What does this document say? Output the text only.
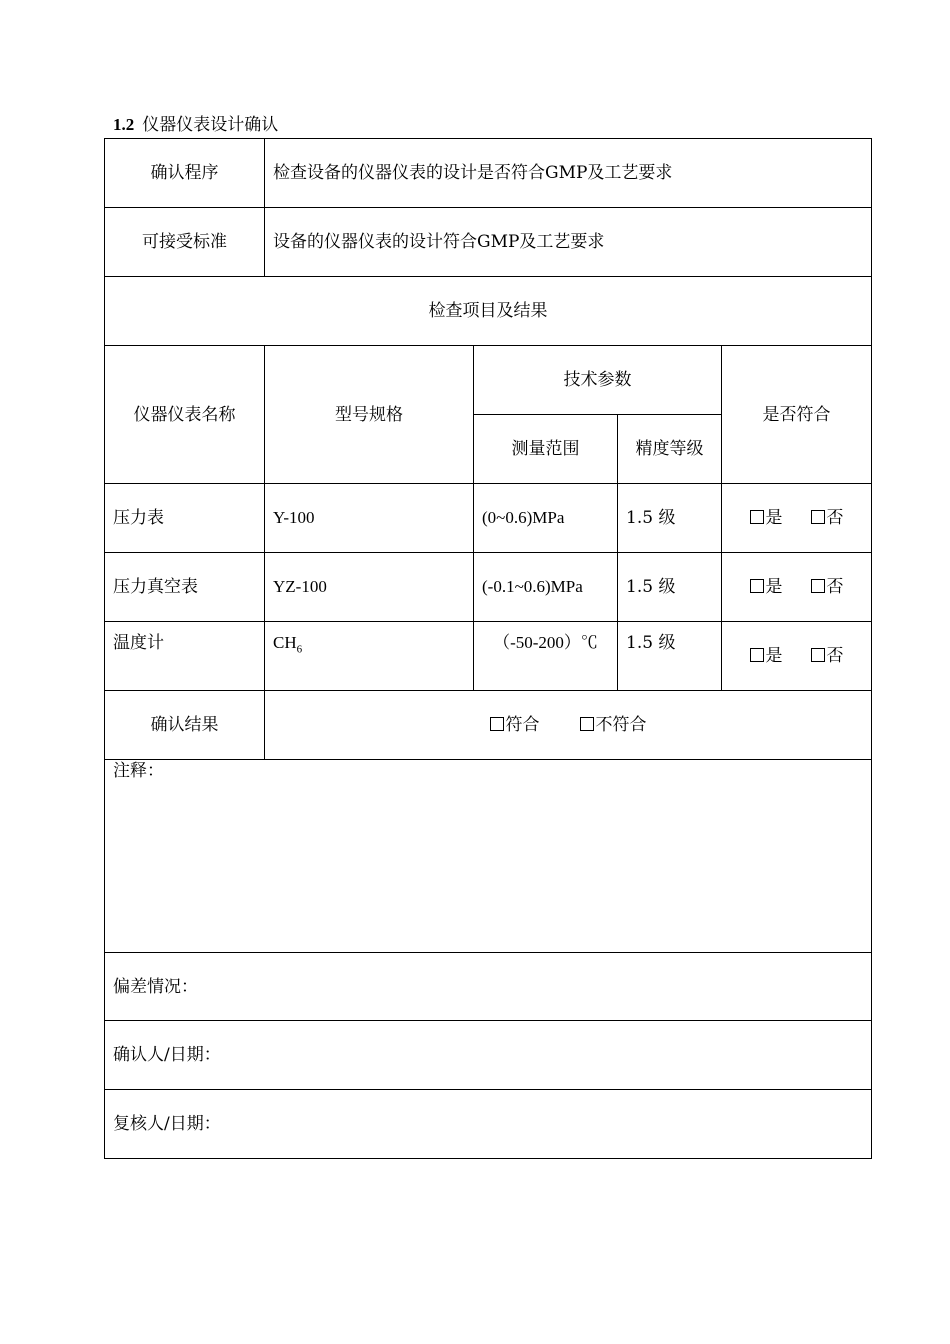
1.2 仪器仪表设计确认
确认程序	检查设备的仪器仪表的设计是否符合GMP及工艺要求			
可接受标准	设备的仪器仪表的设计符合GMP及工艺要求			
检查项目及结果				
仪器仪表名称	型号规格	技术参数		是否符合
		测量范围	精度等级	
压力表	Y-100	(0~0.6)MPa	1.5 级	是 否
压力真空表	YZ-100	(-0.1~0.6)MPa	1.5 级	是 否
温度计	$CH_6$	（-50-200）℃	1.5 级	是 否
确认结果	符合 不符合			
注释：				
偏差情况：				
确认人/日期：				
复核人/日期：				
